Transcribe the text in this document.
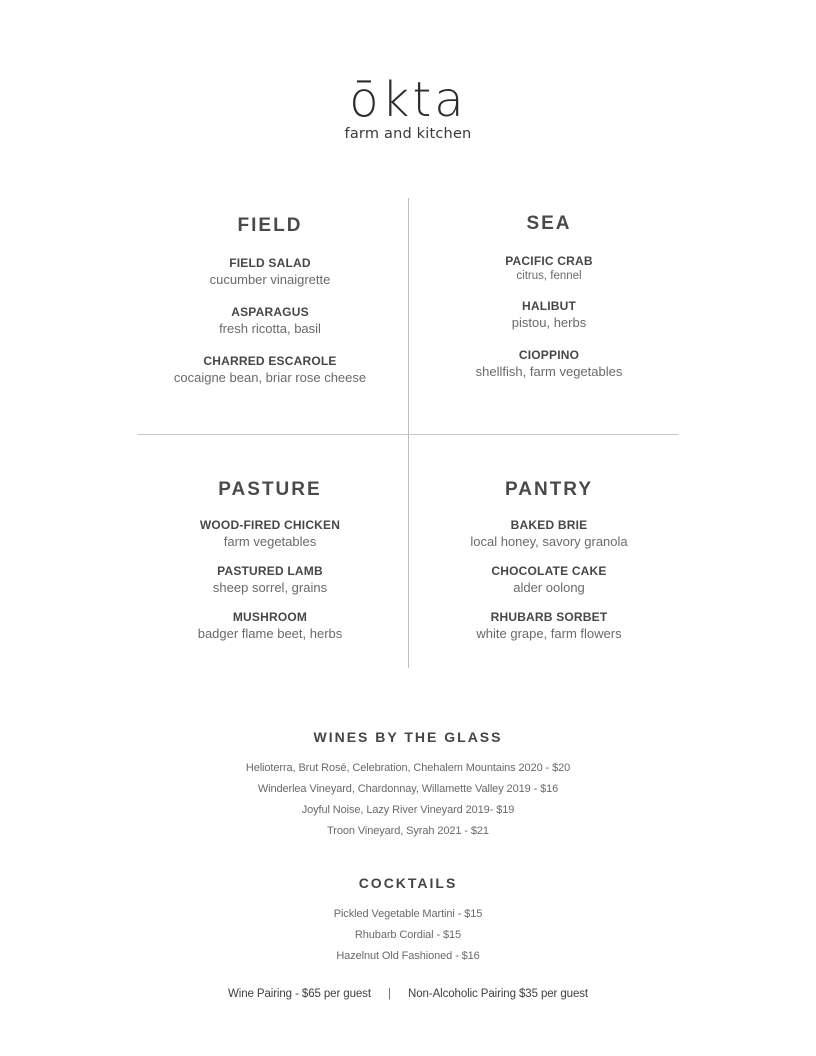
ōkta
farm and kitchen
FIELD
FIELD SALAD
cucumber vinaigrette
ASPARAGUS
fresh ricotta, basil
CHARRED ESCAROLE
cocaigne bean, briar rose cheese
SEA
PACIFIC CRAB
citrus, fennel
HALIBUT
pistou, herbs
CIOPPINO
shellfish, farm vegetables
PASTURE
WOOD-FIRED CHICKEN
farm vegetables
PASTURED LAMB
sheep sorrel, grains
MUSHROOM
badger flame beet, herbs
PANTRY
BAKED BRIE
local honey, savory granola
CHOCOLATE CAKE
alder oolong
RHUBARB SORBET
white grape, farm flowers
WINES BY THE GLASS
Helioterra, Brut Rosé, Celebration, Chehalem Mountains 2020 - $20
Winderlea Vineyard, Chardonnay, Willamette Valley 2019 - $16
Joyful Noise, Lazy River Vineyard 2019- $19
Troon Vineyard, Syrah 2021 - $21
COCKTAILS
Pickled Vegetable Martini - $15
Rhubarb Cordial - $15
Hazelnut Old Fashioned - $16
Wine Pairing - $65 per guest | Non-Alcoholic Pairing $35 per guest
